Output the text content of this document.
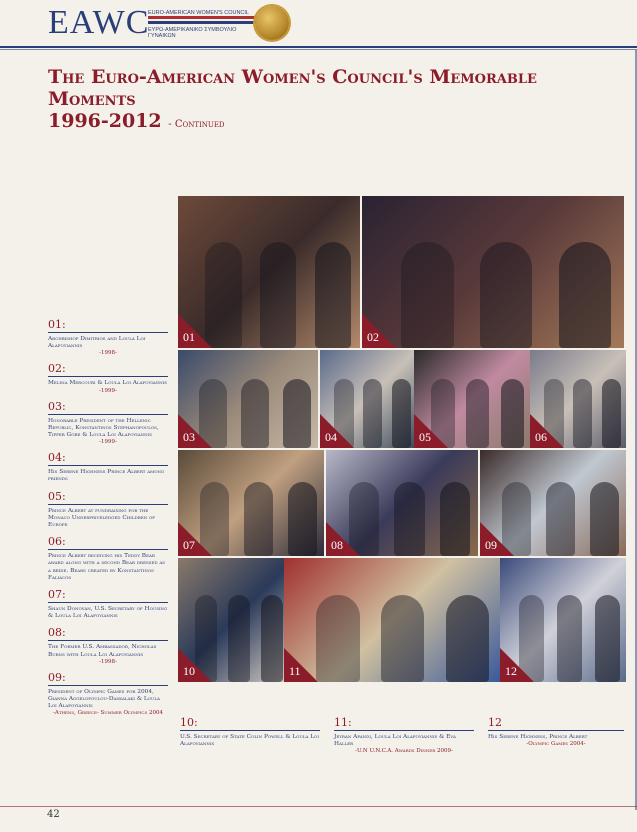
EAWC
EURO-AMERICAN WOMEN'S COUNCIL
ΕΥΡΩ-ΑΜΕΡΙΚΑΝΙΚΟ ΣΥΜΒΟΥΛΙΟ ΓΥΝΑΙΚΩΝ
The Euro-American Women's Council's Memorable Moments
1996-2012 - Continued
01	02
03	04	05	06
07	08	09
10	11	12
01:
Archbishop Dimitrios and Loula Loi Alafoyiannis
-1998-
02:
Melina Mercouri & Loula Loi Alafoyiannis
-1999-
03:
Honorable President of the Hellenic Republic, Konstantinos Stephanopoulos, Tipper Gore & Loula Loi Alafoyiannis
-1999-
04:
His Serene Highness Prince Albert among friends
05:
Prince Albert at fundraising for the Monaco Underpriveledged Children of Europe
06:
Prince Albert receiving his Teddy Bear award along with a second Bear dressed as a bride. Bears created by Konstantinos Faliacos
07:
Shaun Donovan, U.S. Secretary of Housing & Loula Loi Alafoyiannis
08:
The Former U.S. Ambassador, Nicholas Burns with Loula Loi Alafoyiannis
-1998-
09:
President of Olympic Games for 2004, Gianna Aggelopoulou-Daskalaki & Loula Loi Alafoyiannis
-Athens, Greece- Summer Olympics 2004
10:
U.S. Secretary of State Colin Powell & Loula Loi Alafoyiannis
11:
Jeyran Afandi, Loula Loi Alafoyiannis & Eva Haller
-U.N U.N.C.A. Awards Dinner 2009-
12
His Serene Highness, Prince Albert
-Olympic Games 2004-
42
